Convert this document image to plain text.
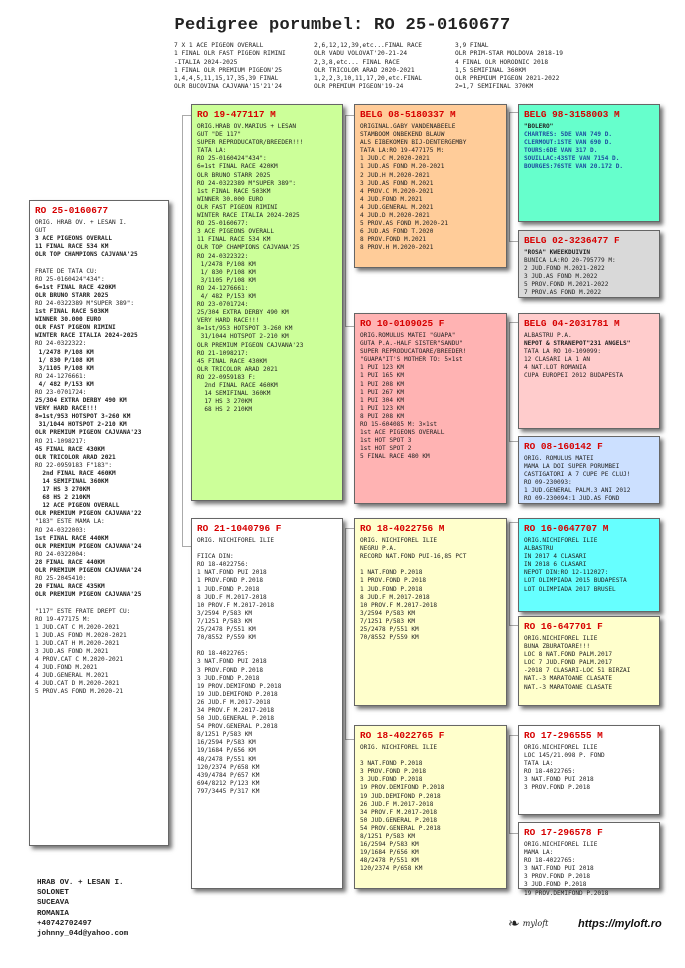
Pedigree porumbel: RO 25-0160677
7 X 1 ACE PIGEON OVERALL
1 FINAL OLR FAST PIGEON RIMINI
-ITALIA 2024-2025
1 FINAL OLR PREMIUM PIGEON'25
1,4,4,5,11,15,17,35,39 FINAL
OLR BUCOVINA CAJVANA'15'21'24
2,6,12,12,39,etc...FINAL RACE
OLR VADU VOLOVAT'20-21-24
2,3,8,etc... FINAL RACE
OLR TRICOLOR ARAD 2020-2021
1,2,2,3,10,11,17,20,etc.FINAL
OLR PREMIUM PIGEON'19-24
3,9 FINAL
OLR PRIM-STAR MOLDOVA 2018-19
4 FINAL OLR HORODNIC 2018
1,5 SEMIFINAL 360KM
OLR PREMIUM PIGEON 2021-2022
2=1,7 SEMIFINAL 370KM
RO 25-0160677
ORIG. HRAB OV. + LESAN I.
GUT
3 ACE PIGEONS OVERALL
11 FINAL RACE 534 KM
OLR TOP CHAMPIONS CAJVANA'25

FRATE DE TATA CU:
RO 25-0160424"434":
6=1st FINAL RACE 420KM
OLR BRUNO STARR 2025
RO 24-0322389 M"SUPER 389":
1st FINAL RACE 503KM
WINNER 30.000 EURO
OLR FAST PIGEON RIMINI
WINTER RACE ITALIA 2024-2025
RO 24-0322322:
1/2478 P/108 KM
1/ 830 P/108 KM
3/1105 P/108 KM
RO 24-1276661:
4/ 482 P/153 KM
RO 23-0701724:
25/304 EXTRA DERBY 490 KM
VERY HARD RACE!!!
8=1st/953 HOTSPOT 3-260 KM
31/1044 HOTSPOT 2-210 KM
OLR PREMIUM PIGEON CAJVANA'23
RO 21-1098217:
45 FINAL RACE 430KM
OLR TRICOLOR ARAD 2021
RO 22-0959183 F"183":
2nd FINAL RACE 460KM
14 SEMIFINAL 360KM
17 HS 3 270KM
68 HS 2 210KM
12 ACE PIGEON OVERALL
OLR PREMIUM PIGEON CAJVANA'22
"183" ESTE MAMA LA:
RO 24-0322003:
1st FINAL RACE 440KM
OLR PREMIUM PIGEON CAJVANA'24
RO 24-0322004:
28 FINAL RACE 440KM
OLR PREMIUM PIGEON CAJVANA'24
RO 25-2045410:
20 FINAL RACE 435KM
OLR PREMIUM PIGEON CAJVANA'25

"117" ESTE FRATE DREPT CU:
RO 19-477175 M:
1 JUD.CAT C M.2020-2021
1 JUD.AS FOND M.2020-2021
1 JUD.CAT H M.2020-2021
3 JUD.AS FOND M.2021
4 PROV.CAT C M.2020-2021
4 JUD.FOND M.2021
4 JUD.GENERAL M.2021
4 JUD.CAT D M.2020-2021
5 PROV.AS FOND M.2020-21
RO 19-477117 M
ORIG.HRAB OV.MARIUS + LESAN
GUT "DE 117"
SUPER REPRODUCATOR/BREEDER!!!
TATA LA:
RO 25-0160424"434":
6=1st FINAL RACE 420KM
OLR BRUNO STARR 2025
RO 24-0322389 M"SUPER 389":
1st FINAL RACE 503KM
WINNER 30.000 EURO
OLR FAST PIGEON RIMINI
WINTER RACE ITALIA 2024-2025
RO 25-0160677:
3 ACE PIGEONS OVERALL
11 FINAL RACE 534 KM
OLR TOP CHAMPIONS CAJVANA'25
RO 24-0322322:
1/2478 P/108 KM
1/ 830 P/108 KM
3/1105 P/108 KM
RO 24-1276661:
4/ 482 P/153 KM
RO 23-0701724:
25/304 EXTRA DERBY 490 KM
VERY HARD RACE!!!
8=1st/953 HOTSPOT 3-260 KM
31/1044 HOTSPOT 2-210 KM
OLR PREMIUM PIGEON CAJVANA'23
RO 21-1098217:
45 FINAL RACE 430KM
OLR TRICOLOR ARAD 2021
RO 22-0959183 F:
2nd FINAL RACE 460KM
14 SEMIFINAL 360KM
17 HS 3 270KM
68 HS 2 210KM
RO 21-1040796 F
ORIG. NICHIFOREL ILIE

FIICA DIN:
RO 18-4022756:
1 NAT.FOND PUI 2018
1 PROV.FOND P.2018
1 JUD.FOND P.2018
8 JUD.F M.2017-2018
10 PROV.F M.2017-2018
3/2594 P/583 KM
7/1251 P/583 KM
25/2478 P/551 KM
70/8552 P/559 KM

RO 18-4022765:
3 NAT.FOND PUI 2018
3 PROV.FOND P.2018
3 JUD.FOND P.2018
19 PROV.DEMIFOND P.2018
19 JUD.DEMIFOND P.2018
26 JUD.F M.2017-2018
34 PROV.F M.2017-2018
50 JUD.GENERAL P.2018
54 PROV.GENERAL P.2018
8/1251 P/583 KM
16/2594 P/583 KM
19/1684 P/656 KM
48/2478 P/551 KM
120/2374 P/658 KM
439/4784 P/657 KM
694/8212 P/123 KM
797/3445 P/317 KM
BELG 08-5180337 M
ORIGINAL.GABY VANDENABEELE
STAMBOOM ONBEKEND BLAUW
ALS EIBEKOMEN BIJ-DENTERGEMBY
TATA LA:RO 19-477175 M:
1 JUD.C M.2020-2021
1 JUD.AS FOND M.20-2021
2 JUD.H M.2020-2021
3 JUD.AS FOND M.2021
4 PROV.C M.2020-2021
4 JUD.FOND M.2021
4 JUD.GENERAL M.2021
4 JUD.D M.2020-2021
5 PROV.AS FOND M.2020-21
6 JUD.AS FOND T.2020
8 PROV.FOND M.2021
8 PROV.H M.2020-2021
RO 10-0109025 F
ORIG.ROMULUS MATEI "GUAPA"
GUTA P.A.-HALF SISTER"SANDU"
SUPER REPRODUCATOARE/BREEDER!
"GUAPA"IT'S MOTHER TO: 5×1st
1 PUI 123 KM
1 PUI 165 KM
1 PUI 208 KM
1 PUI 267 KM
1 PUI 304 KM
1 PUI 123 KM
8 PUI 208 KM
RO 15-604085 M: 3×1st
1st ACE PIGEONS OVERALL
1st HOT SPOT 3
1st HOT SPOT 2
5 FINAL RACE 480 KM
RO 18-4022756 M
ORIG. NICHIFOREL ILIE
NEGRU P.A.
RECORD NAT.FOND PUI-16,85 PCT

1 NAT.FOND P.2018
1 PROV.FOND P.2018
1 JUD.FOND P.2018
8 JUD.F M.2017-2018
10 PROV.F M.2017-2018
3/2594 P/583 KM
7/1251 P/583 KM
25/2478 P/551 KM
70/8552 P/559 KM
RO 18-4022765 F
ORIG. NICHIFOREL ILIE

3 NAT.FOND P.2018
3 PROV.FOND P.2018
3 JUD.FOND P.2018
19 PROV.DEMIFOND P.2018
19 JUD.DEMIFOND P.2018
26 JUD.F M.2017-2018
34 PROV.F M.2017-2018
50 JUD.GENERAL P.2018
54 PROV.GENERAL P.2018
8/1251 P/583 KM
16/2594 P/583 KM
19/1684 P/656 KM
48/2478 P/551 KM
120/2374 P/658 KM
BELG 98-3158003 M
"BOLERO"
CHARTRES: 5DE VAN 749 D.
CLERMOUT:1STE VAN 690 D.
TOURS:6DE VAN 317 D.
SOUILLAC:43STE VAN 7154 D.
BOURGES:76STE VAN 20.172 D.
BELG 02-3236477 F
"ROSA" KWEEKDUIVIN
BUNICA LA:RO 20-795779 M:
2 JUD.FOND M.2021-2022
3 JUD.AS FOND M.2022
5 PROV.FOND M.2021-2022
7 PROV.AS FOND M.2022
BELG 04-2031781 M
ALBASTRU P.A.
NEPOT & STRANEPOT"231 ANGELS"
TATA LA RO 10-109099:
12 CLASARI LA 1 AN
4 NAT.LOT ROMANIA
CUPA EUROPEI 2012 BUDAPESTA
RO 08-160142 F
ORIG. ROMULUS MATEI
MAMA LA DOI SUPER PORUMBEI
CASTIGATORI A 7 CUPE PE CLUJ!
RO 09-230093:
1 JUD.GENERAL PALM.3 ANI 2012
RO 09-230094:1 JUD.AS FOND
RO 16-0647707 M
ORIG.NICHIFOREL ILIE
ALBASTRU
IN 2017 4 CLASARI
IN 2018 6 CLASARI
NEPOT DIN:RO 12-112027:
LOT OLIMPIADA 2015 BUDAPESTA
LOT OLIMPIADA 2017 BRUSEL
RO 16-647701 F
ORIG.NICHIFOREL ILIE
BUNA ZBURATOARE!!!
LOC 8 NAT.FOND PALM.2017
LOC 7 JUD.FOND PALM.2017
-2018 7 CLASARI-LOC 51 BIRZAI
NAT.-3 MARATOANE CLASATE
NAT.-3 MARATOANE CLASATE
RO 17-296555 M
ORIG.NICHIFOREL ILIE
LOC 145/21.098 P. FOND
TATA LA:
RO 18-4022765:
3 NAT.FOND PUI 2018
3 PROV.FOND P.2018
RO 17-296578 F
ORIG.NICHIFOREL ILIE
MAMA LA:
RO 18-4022765:
3 NAT.FOND PUI 2018
3 PROV.FOND P.2018
3 JUD.FOND P.2018
19 PROV.DEMIFOND P.2018
HRAB OV. + LESAN I.
SOLONET
SUCEAVA
ROMANIA
+40742702497
johnny_04d@yahoo.com
❧ myloft	https://myloft.ro
